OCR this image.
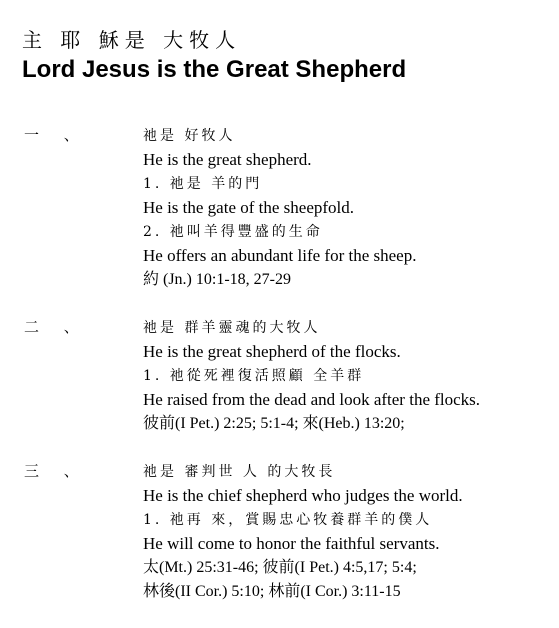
主 耶 穌是 大牧人
Lord Jesus is the Great Shepherd
一 、	祂是 好牧人
He is the great shepherd.
1. 祂是 羊的門
He is the gate of the sheepfold.
2. 祂叫羊得豐盛的生命
He offers an abundant life for the sheep.
約 (Jn.) 10:1-18, 27-29
二 、	祂是 群羊靈魂的大牧人
He is the great shepherd of the flocks.
1. 祂從死裡復活照顧 全羊群
He raised from the dead and look after the flocks.
彼前(I Pet.) 2:25; 5:1-4; 來(Heb.) 13:20;
三 、	祂是 審判世 人 的大牧長
He is the chief shepherd who judges the world.
1. 祂再 來，賞賜忠心牧養群羊的僕人
He will come to honor the faithful servants.
太(Mt.) 25:31-46; 彼前(I Pet.) 4:5,17; 5:4;
林後(II Cor.) 5:10; 林前(I Cor.) 3:11-15
